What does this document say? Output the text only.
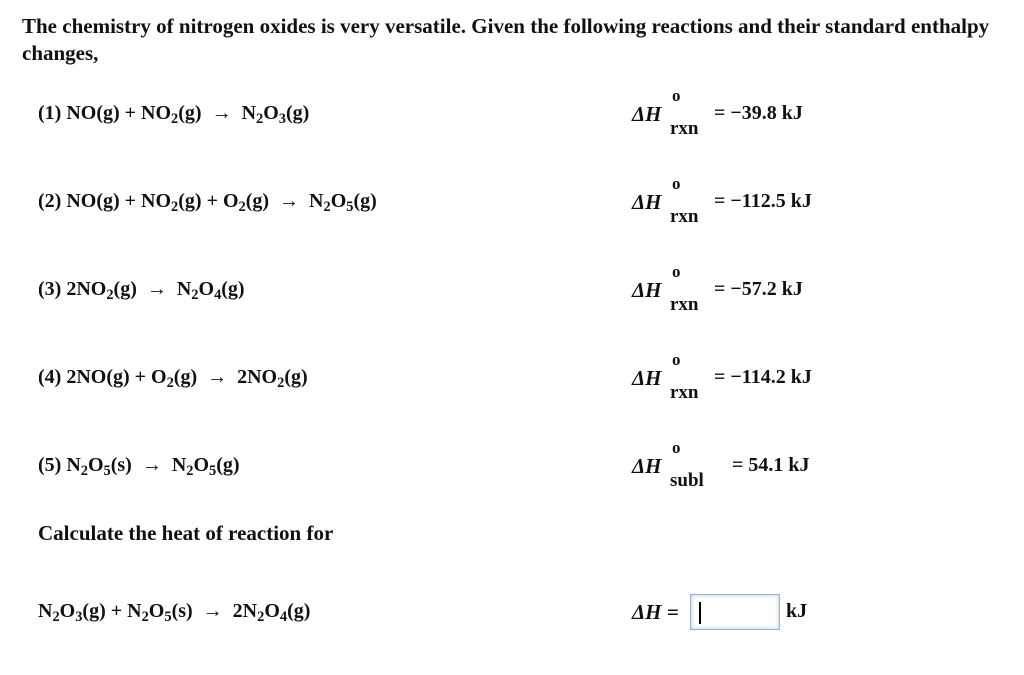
The chemistry of nitrogen oxides is very versatile. Given the following reactions and their standard enthalpy changes,
(1) $NO(g) + NO_2(g) \to N_2O_3(g)$	ΔH
o
rxn
= −39.8 kJ
(2) $NO(g) + NO_2(g) + O_2(g) \to N_2O_5(g)$	ΔH
o
rxn
= −112.5 kJ
(3) $2NO_2(g) \to N_2O_4(g)$	ΔH
o
rxn
= −57.2 kJ
(4) $2NO(g) + O_2(g) \to 2NO_2(g)$	ΔH
o
rxn
= −114.2 kJ
(5) $N_2O_5(s) \to N_2O_5(g)$	ΔH
o
subl
= 54.1 kJ
Calculate the heat of reaction for
$N_2O_3(g) + N_2O_5(s) \to 2N_2O_4(g)$	ΔH =	kJ
